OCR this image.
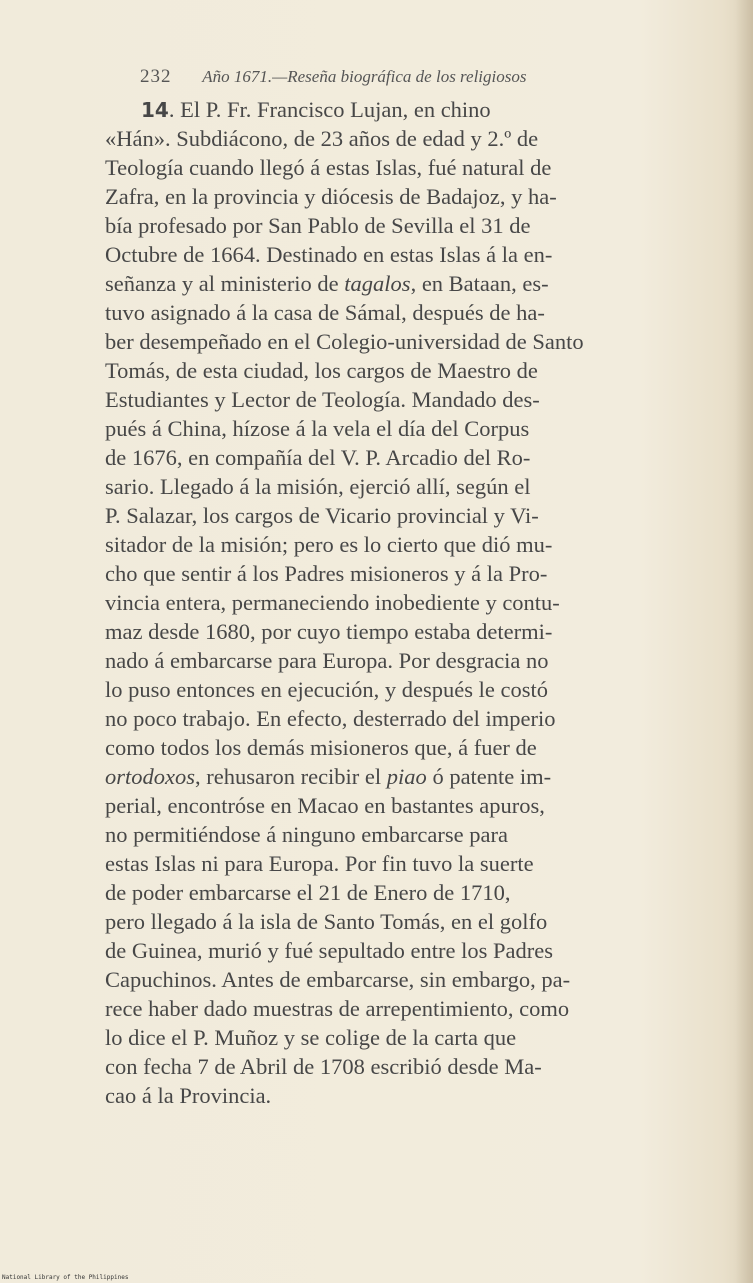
232 Año 1671.—Reseña biográfica de los religiosos
14. El P. Fr. Francisco Lujan, en chino
«Hán». Subdiácono, de 23 años de edad y 2.º de
Teología cuando llegó á estas Islas, fué natural de
Zafra, en la provincia y diócesis de Badajoz, y ha-
bía profesado por San Pablo de Sevilla el 31 de
Octubre de 1664. Destinado en estas Islas á la en-
señanza y al ministerio de tagalos, en Bataan, es-
tuvo asignado á la casa de Sámal, después de ha-
ber desempeñado en el Colegio-universidad de Santo
Tomás, de esta ciudad, los cargos de Maestro de
Estudiantes y Lector de Teología. Mandado des-
pués á China, hízose á la vela el día del Corpus
de 1676, en compañía del V. P. Arcadio del Ro-
sario. Llegado á la misión, ejerció allí, según el
P. Salazar, los cargos de Vicario provincial y Vi-
sitador de la misión; pero es lo cierto que dió mu-
cho que sentir á los Padres misioneros y á la Pro-
vincia entera, permaneciendo inobediente y contu-
maz desde 1680, por cuyo tiempo estaba determi-
nado á embarcarse para Europa. Por desgracia no
lo puso entonces en ejecución, y después le costó
no poco trabajo. En efecto, desterrado del imperio
como todos los demás misioneros que, á fuer de
ortodoxos, rehusaron recibir el piao ó patente im-
perial, encontróse en Macao en bastantes apuros,
no permitiéndose á ninguno embarcarse para
estas Islas ni para Europa. Por fin tuvo la suerte
de poder embarcarse el 21 de Enero de 1710,
pero llegado á la isla de Santo Tomás, en el golfo
de Guinea, murió y fué sepultado entre los Padres
Capuchinos. Antes de embarcarse, sin embargo, pa-
rece haber dado muestras de arrepentimiento, como
lo dice el P. Muñoz y se colige de la carta que
con fecha 7 de Abril de 1708 escribió desde Ma-
cao á la Provincia.
National Library of the Philippines
